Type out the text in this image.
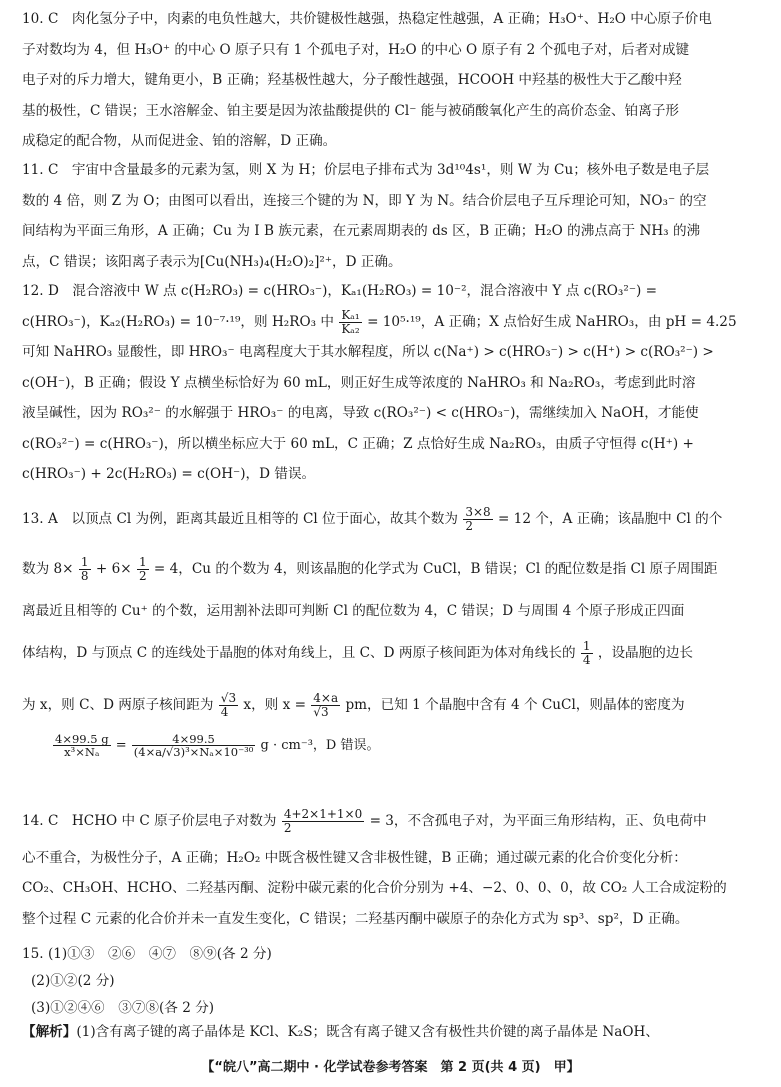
10. C　肉化氢分子中，肉素的电负性越大，共价键极性越强，热稳定性越强，A 正确；H₃O⁺、H₂O 中心原子价电

子对数均为 4，但 H₃O⁺ 的中心 O 原子只有 1 个孤电子对，H₂O 的中心 O 原子有 2 个孤电子对，后者对成键

电子对的斥力增大，键角更小，B 正确；羟基极性越大，分子酸性越强，HCOOH 中羟基的极性大于乙酸中羟

基的极性，C 错误；王水溶解金、铂主要是因为浓盐酸提供的 Cl⁻ 能与被硝酸氧化产生的高价态金、铂离子形

成稳定的配合物，从而促进金、铂的溶解，D 正确。

11. C　宇宙中含量最多的元素为氢，则 X 为 H；价层电子排布式为 3d¹⁰4s¹，则 W 为 Cu；核外电子数是电子层

数的 4 倍，则 Z 为 O；由图可以看出，连接三个键的为 N，即 Y 为 N。结合价层电子互斥理论可知，NO₃⁻ 的空

间结构为平面三角形，A 正确；Cu 为 Ⅰ B 族元素，在元素周期表的 ds 区，B 正确；H₂O 的沸点高于 NH₃ 的沸

点，C 错误；该阳离子表示为[Cu(NH₃)₄(H₂O)₂]²⁺，D 正确。

12. D　混合溶液中 W 点 c(H₂RO₃) = c(HRO₃⁻)，Kₐ₁(H₂RO₃) = 10⁻²，混合溶液中 Y 点 c(RO₃²⁻) =

c(HRO₃⁻)，Kₐ₂(H₂RO₃) = 10⁻⁷·¹⁹，则 H₂RO₃ 中 $\frac{\text{Kₐ₁}}{\text{Kₐ₂}} = 10^5\cdot^{19}$，A 正确；X 点恰好生成 NaHRO₃，由 pH = 4.25

可知 NaHRO₃ 显酸性，即 HRO₃⁻ 电离程度大于其水解程度，所以 c(Na⁺) > c(HRO₃⁻) > c(H⁺) > c(RO₃²⁻) >

c(OH⁻)，B 正确；假设 Y 点横坐标恰好为 60 mL，则正好生成等浓度的 NaHRO₃ 和 Na₂RO₃，考虑到此时溶

液呈碱性，因为 RO₃²⁻ 的水解强于 HRO₃⁻ 的电离，导致 c(RO₃²⁻) < c(HRO₃⁻)，需继续加入 NaOH，才能使

c(RO₃²⁻) = c(HRO₃⁻)，所以横坐标应大于 60 mL，C 正确；Z 点恰好生成 Na₂RO₃，由质子守恒得 c(H⁺) +

c(HRO₃⁻) + 2c(H₂RO₃) = c(OH⁻)，D 错误。

13. A　以顶点 Cl 为例，距离其最近且相等的 Cl 位于面心，故其个数为 $\frac{3\times 8}{2} = 12$ 个，A 正确；该晶胞中 Cl 的个

数为 $8\times \frac{1}{8} + 6\times \frac{1}{2} = 4$，Cu 的个数为 4，则该晶胞的化学式为 CuCl，B 错误；Cl 的配位数是指 Cl 原子周围距

离最近且相等的 Cu⁺ 的个数，运用割补法即可判断 Cl 的配位数为 4，C 错误；D 与周围 4 个原子形成正四面

体结构，D 与顶点 C 的连线处于晶胞的体对角线上，且 C、D 两原子核间距为体对角线长的 $\frac{1}{4}$ ，设晶胞的边长

为 x，则 C、D 两原子核间距为 $\frac{√3}{4}$ x，则 $x = \frac{4\times a}{√3}$ pm，已知 1 个晶胞中含有 4 个 CuCl，则晶体的密度为

$\frac{4\times 99.5 g}{\text{x³×Nₐ}} = \frac{4\times 99.5}{\text{(4×a/√3)³×Nₐ×10⁻³⁰}}$ g · cm⁻³，D 错误。

14. C　HCHO 中 C 原子价层电子对数为 $\frac{4+2\times 1+1\times 0}{2} = 3$，不含孤电子对，为平面三角形结构，正、负电荷中

心不重合，为极性分子，A 正确；H₂O₂ 中既含极性键又含非极性键，B 正确；通过碳元素的化合价变化分析：

CO₂、CH₃OH、HCHO、二羟基丙酮、淀粉中碳元素的化合价分别为 +4、−2、0、0、0，故 CO₂ 人工合成淀粉的

整个过程 C 元素的化合价并未一直发生变化，C 错误；二羟基丙酮中碳原子的杂化方式为 sp³、sp²，D 正确。

15. (1)①③　②⑥　④⑦　⑧⑨(各 2 分)
(2)①②(2 分)
(3)①②④⑥　③⑦⑧(各 2 分)
【解析】(1)含有离子键的离子晶体是 KCl、K₂S；既含有离子键又含有极性共价键的离子晶体是 NaOH、
【“皖八”高二期中 · 化学试卷参考答案　第 2 页(共 4 页)　甲】
